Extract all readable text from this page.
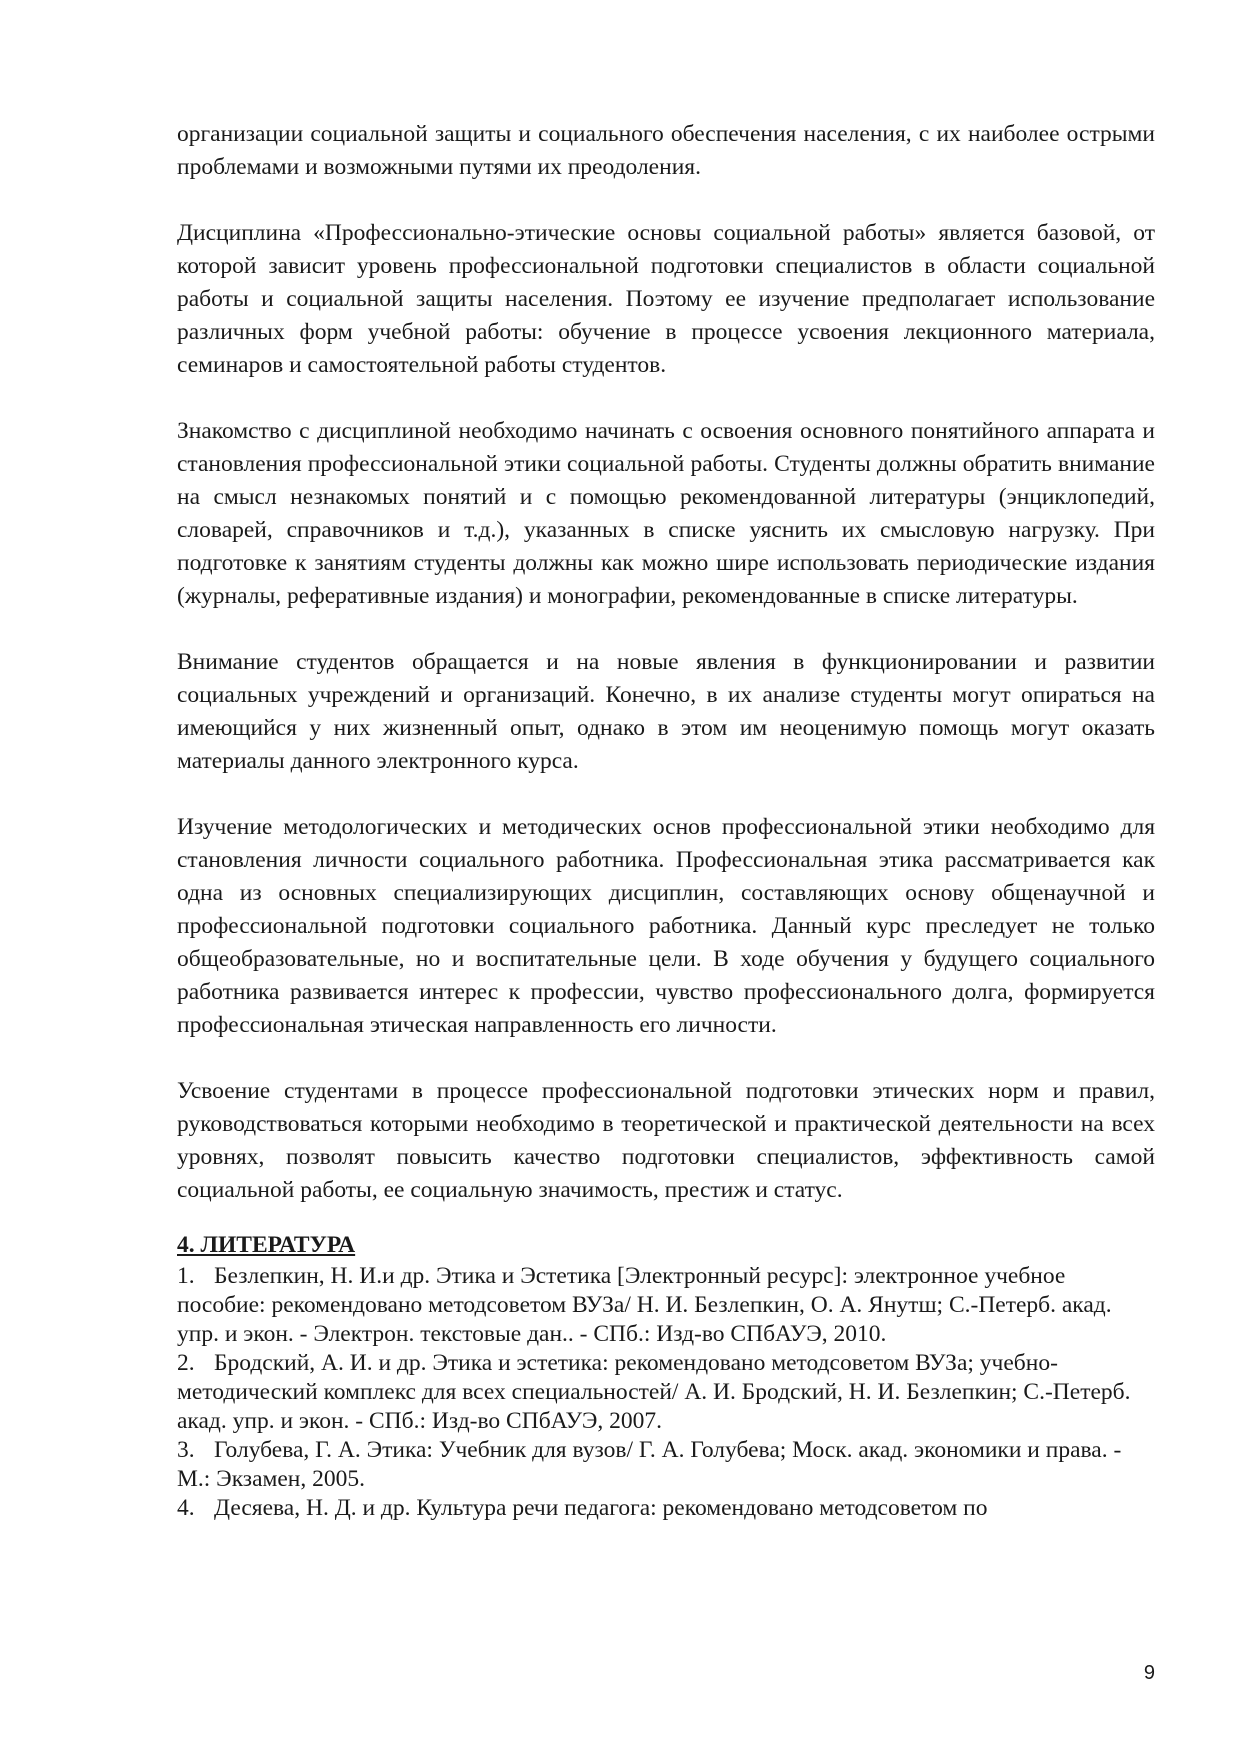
организации социальной защиты и социального обеспечения населения, с их наиболее острыми проблемами и возможными путями их преодоления.

Дисциплина «Профессионально-этические основы социальной работы» является базовой, от которой зависит уровень профессиональной подготовки специалистов в области социальной работы и социальной защиты населения. Поэтому ее изучение предполагает использование различных форм учебной работы: обучение в процессе усвоения лекционного материала, семинаров и самостоятельной работы студентов.

Знакомство с дисциплиной необходимо начинать с освоения основного понятийного аппарата и становления профессиональной этики социальной работы. Студенты должны обратить внимание на смысл незнакомых понятий и с помощью рекомендованной литературы (энциклопедий, словарей, справочников и т.д.), указанных в списке уяснить их смысловую нагрузку. При подготовке к занятиям студенты должны как можно шире использовать периодические издания (журналы, реферативные издания) и монографии, рекомендованные в списке литературы.

Внимание студентов обращается и на новые явления в функционировании и развитии социальных учреждений и организаций. Конечно, в их анализе студенты могут опираться на имеющийся у них жизненный опыт, однако в этом им неоценимую помощь могут оказать материалы данного электронного курса.

Изучение методологических и методических основ профессиональной этики необходимо для становления личности социального работника. Профессиональная этика рассматривается как одна из основных специализирующих дисциплин, составляющих основу общенаучной и профессиональной подготовки социального работника. Данный курс преследует не только общеобразовательные, но и воспитательные цели. В ходе обучения у будущего социального работника развивается интерес к профессии, чувство профессионального долга, формируется профессиональная этическая направленность его личности.

Усвоение студентами в процессе профессиональной подготовки этических норм и правил, руководствоваться которыми необходимо в теоретической и практической деятельности на всех уровнях, позволят повысить качество подготовки специалистов, эффективность самой социальной работы, ее социальную значимость, престиж и статус.

4. ЛИТЕРАТУРА
1. Безлепкин, Н. И.и др. Этика и Эстетика [Электронный ресурс]: электронное учебное пособие: рекомендовано методсоветом ВУЗа/ Н. И. Безлепкин, О. А. Янутш; С.-Петерб. акад. упр. и экон. - Электрон. текстовые дан.. - СПб.: Изд-во СПбАУЭ, 2010.
2. Бродский, А. И. и др. Этика и эстетика: рекомендовано методсоветом ВУЗа; учебно-методический комплекс для всех специальностей/ А. И. Бродский, Н. И. Безлепкин; С.-Петерб. акад. упр. и экон. - СПб.: Изд-во СПбАУЭ, 2007.
3. Голубева, Г. А. Этика: Учебник для вузов/ Г. А. Голубева; Моск. акад. экономики и права. - М.: Экзамен, 2005.
4. Десяева, Н. Д. и др. Культура речи педагога: рекомендовано методсоветом по
9
